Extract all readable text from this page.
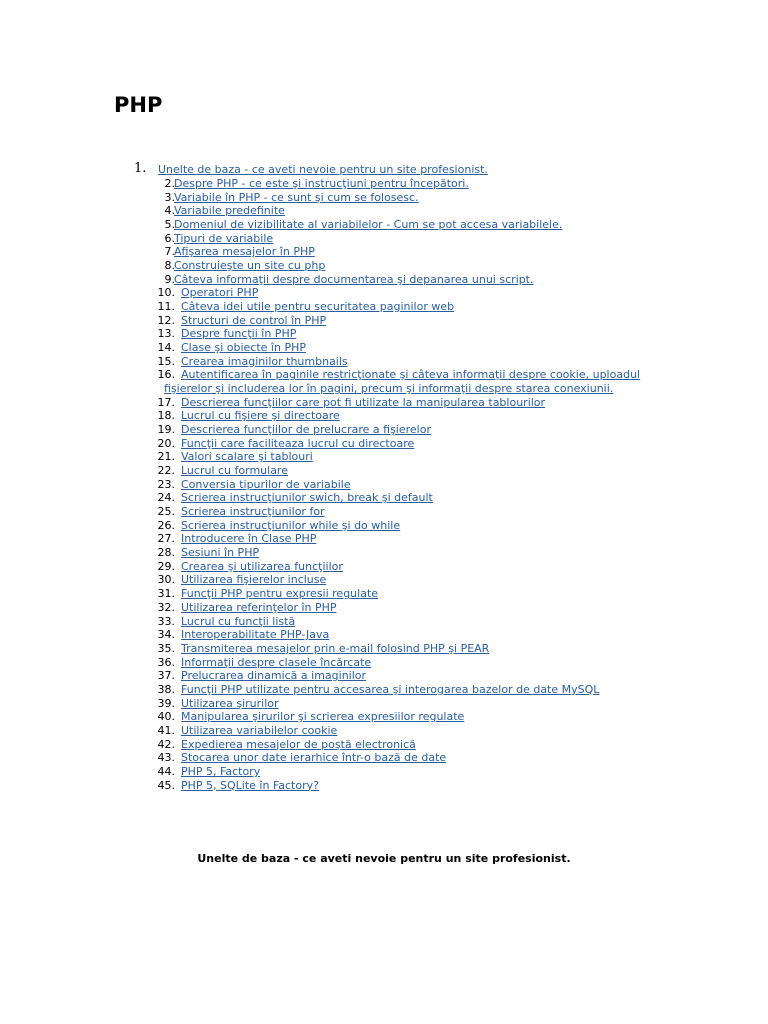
PHP
1. Unelte de baza - ce aveti nevoie pentru un site profesionist.
2. Despre PHP - ce este şi instrucţiuni pentru începători.
3. Variabile în PHP - ce sunt şi cum se folosesc.
4. Variabile predefinite
5. Domeniul de vizibilitate al variabilelor - Cum se pot accesa variabilele.
6. Tipuri de variabile
7. Afişarea mesajelor în PHP
8. Construieşte un site cu php
9. Câteva informaţii despre documentarea şi depanarea unui script.
10. Operatori PHP
11. Câteva idei utile pentru securitatea paginilor web
12. Structuri de control în PHP
13. Despre funcţii în PHP
14. Clase şi obiecte în PHP
15. Crearea imaginilor thumbnails
16. Autentificarea în paginile restricţionate şi câteva informaţii despre cookie, uploadul
fişierelor şi includerea lor în pagini, precum şi informaţii despre starea conexiunii.
17. Descrierea funcţiilor care pot fi utilizate la manipularea tablourilor
18. Lucrul cu fişiere şi directoare
19. Descrierea funcţiilor de prelucrare a fişierelor
20. Funcţii care faciliteaza lucrul cu directoare
21. Valori scalare şi tablouri
22. Lucrul cu formulare
23. Conversia tipurilor de variabile
24. Scrierea instrucţiunilor swich, break şi default
25. Scrierea instrucţiunilor for
26. Scrierea instrucţiunilor while şi do while
27. Introducere în Clase PHP
28. Sesiuni în PHP
29. Crearea şi utilizarea funcţiilor
30. Utilizarea fişierelor incluse
31. Funcţii PHP pentru expresii regulate
32. Utilizarea referinţelor în PHP
33. Lucrul cu funcţii listă
34. Interoperabilitate PHP-Java
35. Transmiterea mesajelor prin e-mail folosind PHP şi PEAR
36. Informaţii despre clasele încărcate
37. Prelucrarea dinamică a imaginilor
38. Funcţii PHP utilizate pentru accesarea şi interogarea bazelor de date MySQL
39. Utilizarea şirurilor
40. Manipularea şirurilor şi scrierea expresiilor regulate
41. Utilizarea variabilelor cookie
42. Expedierea mesajelor de poştă electronică
43. Stocarea unor date ierarhice într-o bază de date
44. PHP 5, Factory
45. PHP 5, SQLite în Factory?

Unelte de baza - ce aveti nevoie pentru un site profesionist.
